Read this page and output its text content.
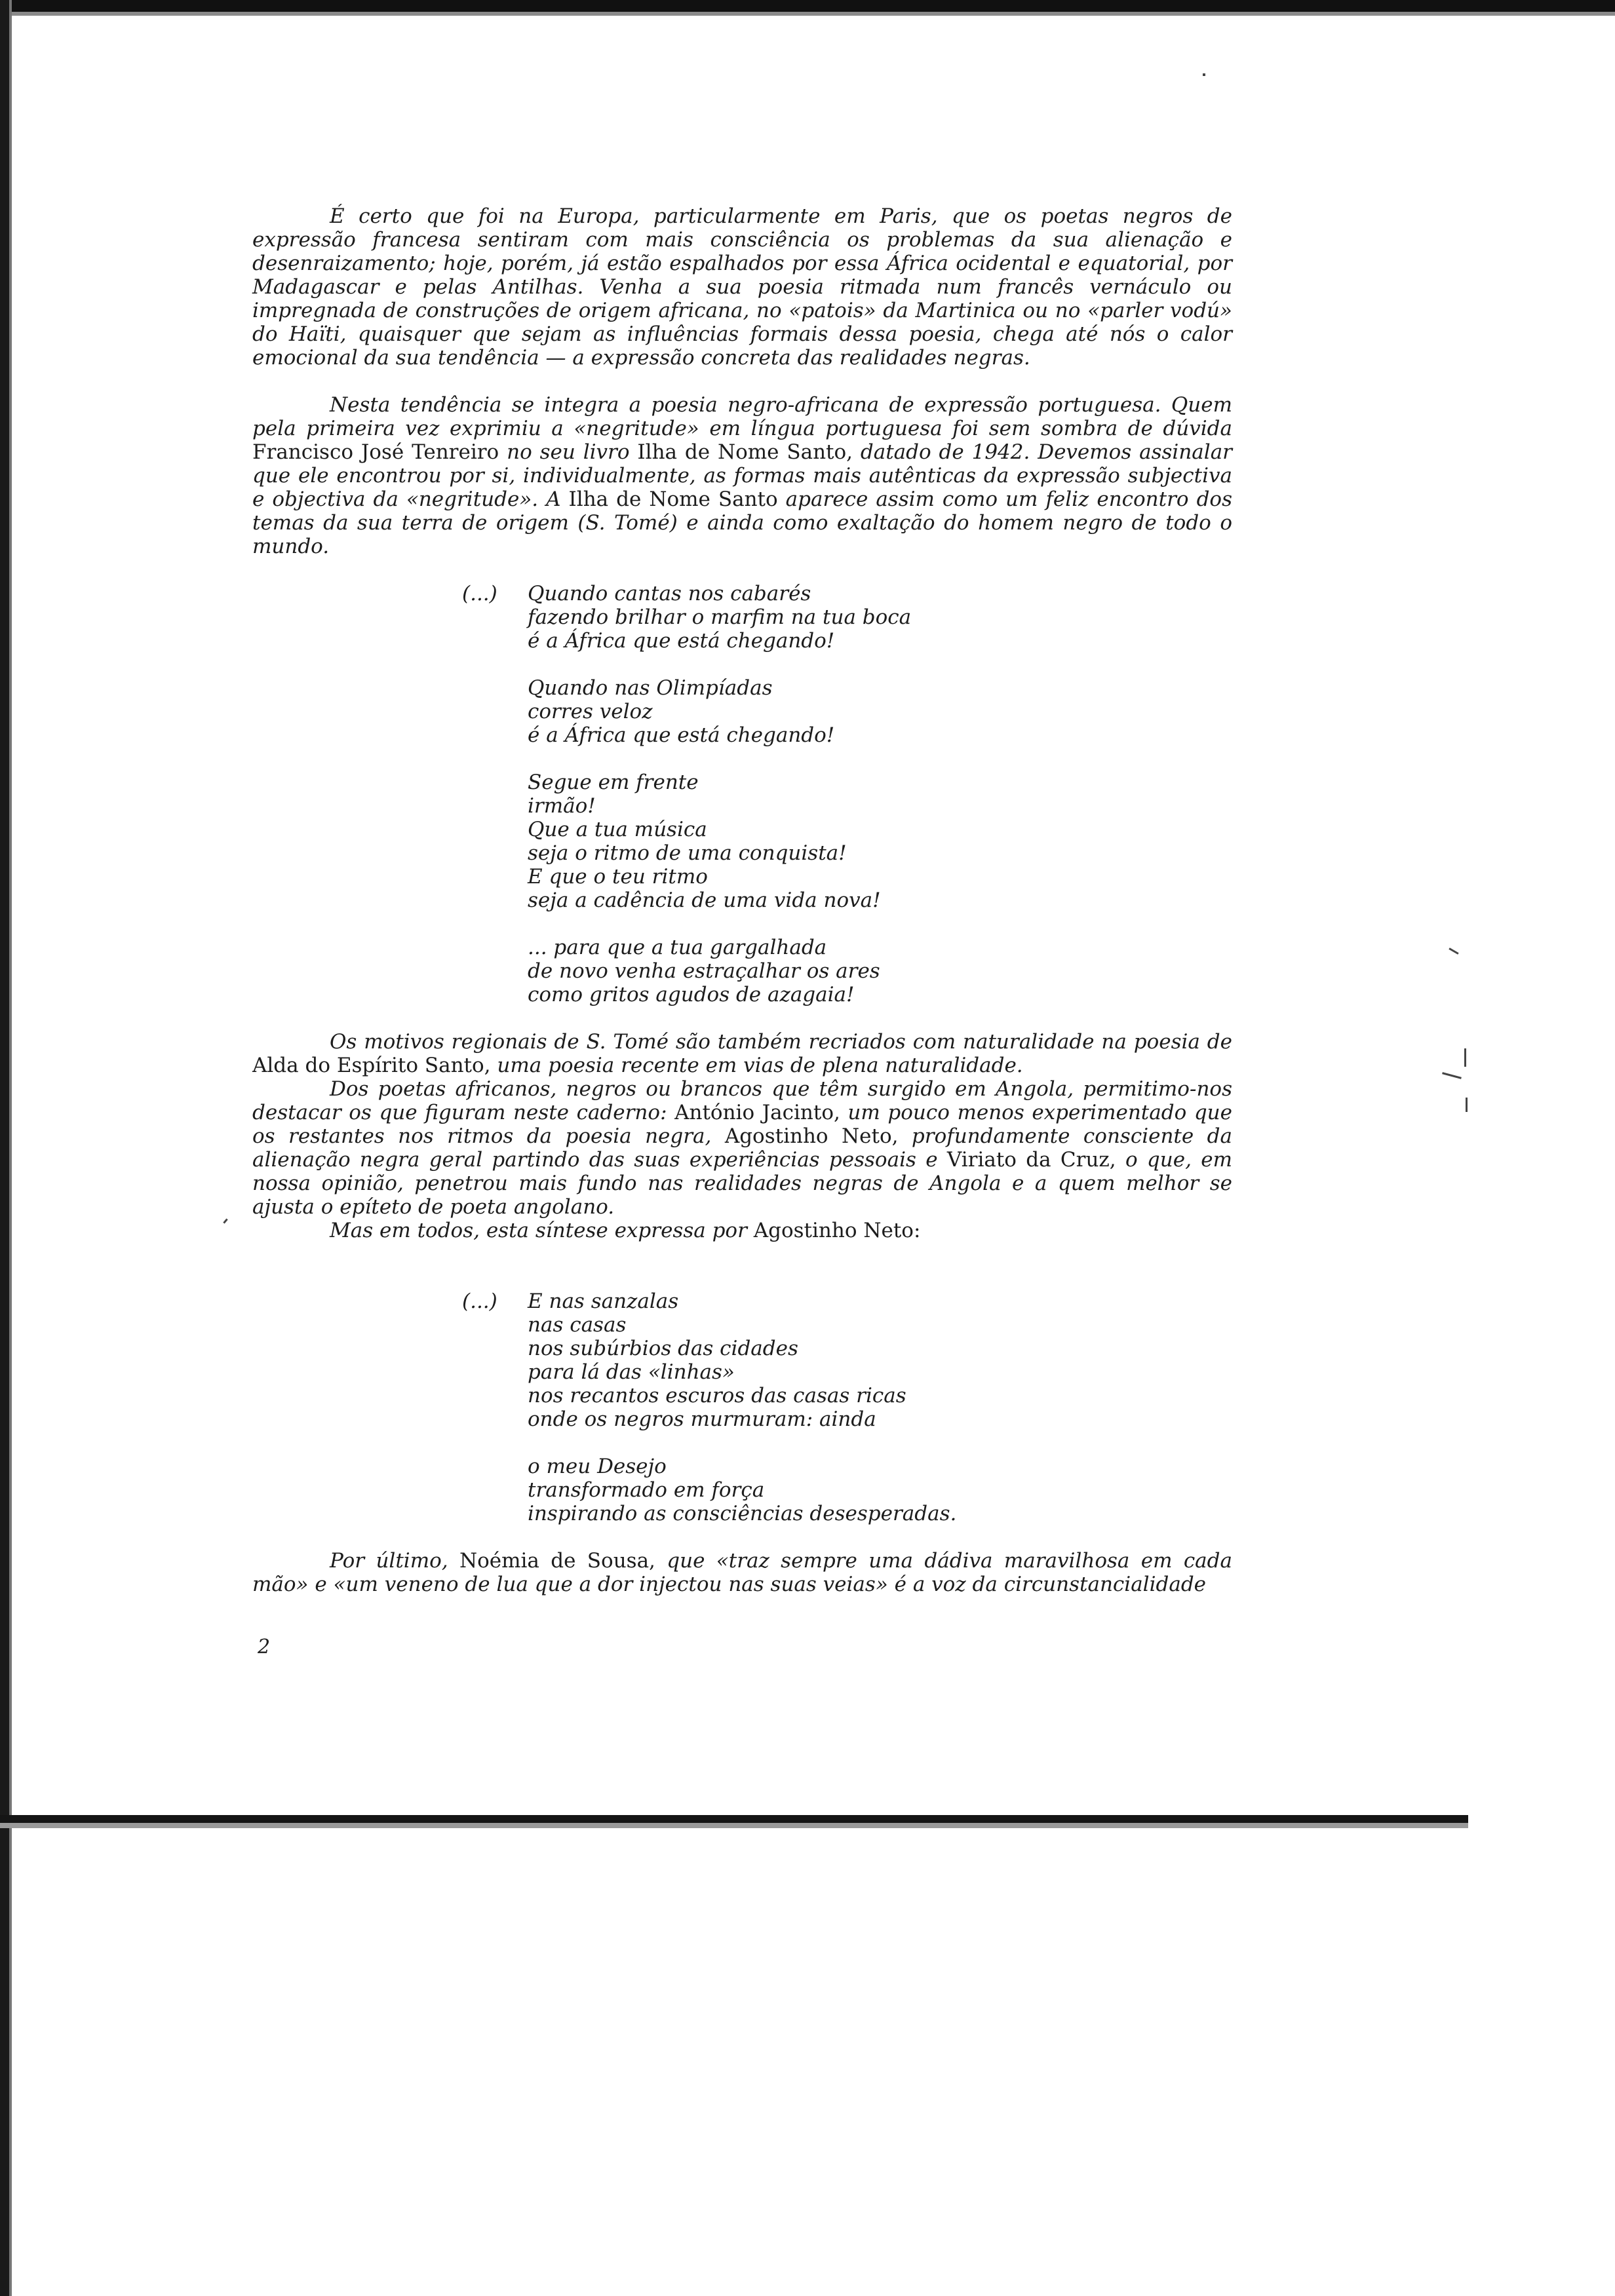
É certo que foi na Europa, particularmente em Paris, que os poetas negros de expressão francesa sentiram com mais consciência os problemas da sua alienação e desenraizamento; hoje, porém, já estão espalhados por essa África ocidental e equatorial, por Madagascar e pelas Antilhas. Venha a sua poesia ritmada num francês vernáculo ou impregnada de construções de origem africana, no «patois» da Martinica ou no «parler vodú» do Haïti, quaisquer que sejam as influências formais dessa poesia, chega até nós o calor emocional da sua tendência — a expressão concreta das realidades negras.

Nesta tendência se integra a poesia negro-africana de expressão portuguesa. Quem pela primeira vez exprimiu a «negritude» em língua portuguesa foi sem sombra de dúvida Francisco José Tenreiro no seu livro Ilha de Nome Santo, datado de 1942. Devemos assinalar que ele encontrou por si, individualmente, as formas mais autênticas da expressão subjectiva e objectiva da «negritude». A Ilha de Nome Santo aparece assim como um feliz encontro dos temas da sua terra de origem (S. Tomé) e ainda como exaltação do homem negro de todo o mundo.

(...)	Quando cantas nos cabarés
fazendo brilhar o marfim na tua boca
é a África que está chegando!
Quando nas Olimpíadas
corres veloz
é a África que está chegando!
Segue em frente
irmão!
Que a tua música
seja o ritmo de uma conquista!
E que o teu ritmo
seja a cadência de uma vida nova!
... para que a tua gargalhada
de novo venha estraçalhar os ares
como gritos agudos de azagaia!

Os motivos regionais de S. Tomé são também recriados com naturalidade na poesia de Alda do Espírito Santo, uma poesia recente em vias de plena naturalidade.

Dos poetas africanos, negros ou brancos que têm surgido em Angola, permitimo-nos destacar os que figuram neste caderno: António Jacinto, um pouco menos experimentado que os restantes nos ritmos da poesia negra, Agostinho Neto, profundamente consciente da alienação negra geral partindo das suas experiências pessoais e Viriato da Cruz, o que, em nossa opinião, penetrou mais fundo nas realidades negras de Angola e a quem melhor se ajusta o epíteto de poeta angolano.

Mas em todos, esta síntese expressa por Agostinho Neto:

(...)	E nas sanzalas
nas casas
nos subúrbios das cidades
para lá das «linhas»
nos recantos escuros das casas ricas
onde os negros murmuram: ainda
o meu Desejo
transformado em força
inspirando as consciências desesperadas.

Por último, Noémia de Sousa, que «traz sempre uma dádiva maravilhosa em cada mão» e «um veneno de lua que a dor injectou nas suas veias» é a voz da circunstancialidade

2
